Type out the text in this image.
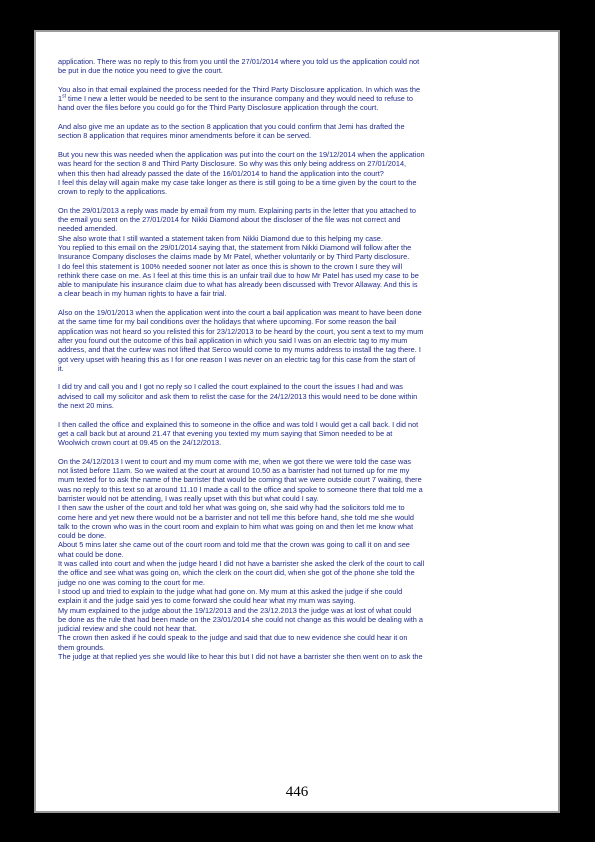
application. There was no reply to this from you until the 27/01/2014 where you told us the application could not
be put in due the notice you need to give the court.
You also in that email explained the process needed for the Third Party Disclosure application. In which was the
1st time I new a letter would be needed to be sent to the insurance company and they would need to refuse to
hand over the files before you could go for the Third Party Disclosure application through the court.
And also give me an update as to the section 8 application that you could confirm that Jemi has drafted the
section 8 application that requires minor amendments before it can be served.
But you new this was needed when the application was put into the court on the 19/12/2014 when the application
was heard for the section 8 and Third Party Disclosure. So why was this only being address on 27/01/2014,
when this then had already passed the date of the 16/01/2014 to hand the application into the court?
I feel this delay will again make my case take longer as there is still going to be a time given by the court to the
crown to reply to the applications.
On the 29/01/2013 a reply was made by email from my mum. Explaining parts in the letter that you attached to
the email you sent on the 27/01/2014 for Nikki Diamond about the discloser of the file was not correct and
needed amended.
She also wrote that I still wanted a statement taken from Nikki Diamond due to this helping my case.
You replied to this email on the 29/01/2014 saying that, the statement from Nikki Diamond will follow after the
Insurance Company discloses the claims made by Mr Patel, whether voluntarily or by Third Party disclosure.
I do feel this statement is 100% needed sooner not later as once this is shown to the crown I sure they will
rethink there case on me. As I feel at this time this is an unfair trail due to how Mr Patel has used my case to be
able to manipulate his insurance claim due to what has already been discussed with Trevor Allaway. And this is
a clear beach in my human rights to have a fair trial.
Also on the 19/01/2013 when the application went into the court a bail application was meant to have been done
at the same time for my bail conditions over the holidays that where upcoming. For some reason the bail
application was not heard so you relisted this for 23/12/2013 to be heard by the court, you sent a text to my mum
after you found out the outcome of this bail application in which you said I was on an electric tag to my mum
address, and that the curfew was not lifted that Serco would come to my mums address to install the tag there. I
got very upset with hearing this as I for one reason I was never on an electric tag for this case from the start of
it.
I did try and call you and I got no reply so I called the court explained to the court the issues I had and was
advised to call my solicitor and ask them to relist the case for the 24/12/2013 this would need to be done within
the next 20 mins.
I then called the office and explained this to someone in the office and was told I would get a call back. I did not
get a call back but at around 21.47 that evening you texted my mum saying that Simon needed to be at
Woolwich crown court at 09.45 on the 24/12/2013.
On the 24/12/2013 I went to court and my mum come with me, when we got there we were told the case was
not listed before 11am. So we waited at the court at around 10.50 as a barrister had not turned up for me my
mum texted for to ask the name of the barrister that would be coming that we were outside court 7 waiting, there
was no reply to this text so at around 11.10 I made a call to the office and spoke to someone there that told me a
barrister would not be attending, I was really upset with this but what could I say.
I then saw the usher of the court and told her what was going on, she said why had the solicitors told me to
come here and yet new there would not be a barrister and not tell me this before hand, she told me she would
talk to the crown who was in the court room and explain to him what was going on and then let me know what
could be done.
About 5 mins later she came out of the court room and told me that the crown was going to call it on and see
what could be done.
It was called into court and when the judge heard I did not have a barrister she asked the clerk of the court to call
the office and see what was going on, which the clerk on the court did, when she got of the phone she told the
judge no one was coming to the court for me.
I stood up and tried to explain to the judge what had gone on. My mum at this asked the judge if she could
explain it and the judge said yes to come forward she could hear what my mum was saying.
My mum explained to the judge about the 19/12/2013 and the 23/12.2013 the judge was at lost of what could
be done as the rule that had been made on the 23/01/2014 she could not change as this would be dealing with a
judicial review and she could not hear that.
The crown then asked if he could speak to the judge and said that due to new evidence she could hear it on
them grounds.
The judge at that replied yes she would like to hear this but I did not have a barrister she then went on to ask the
446
